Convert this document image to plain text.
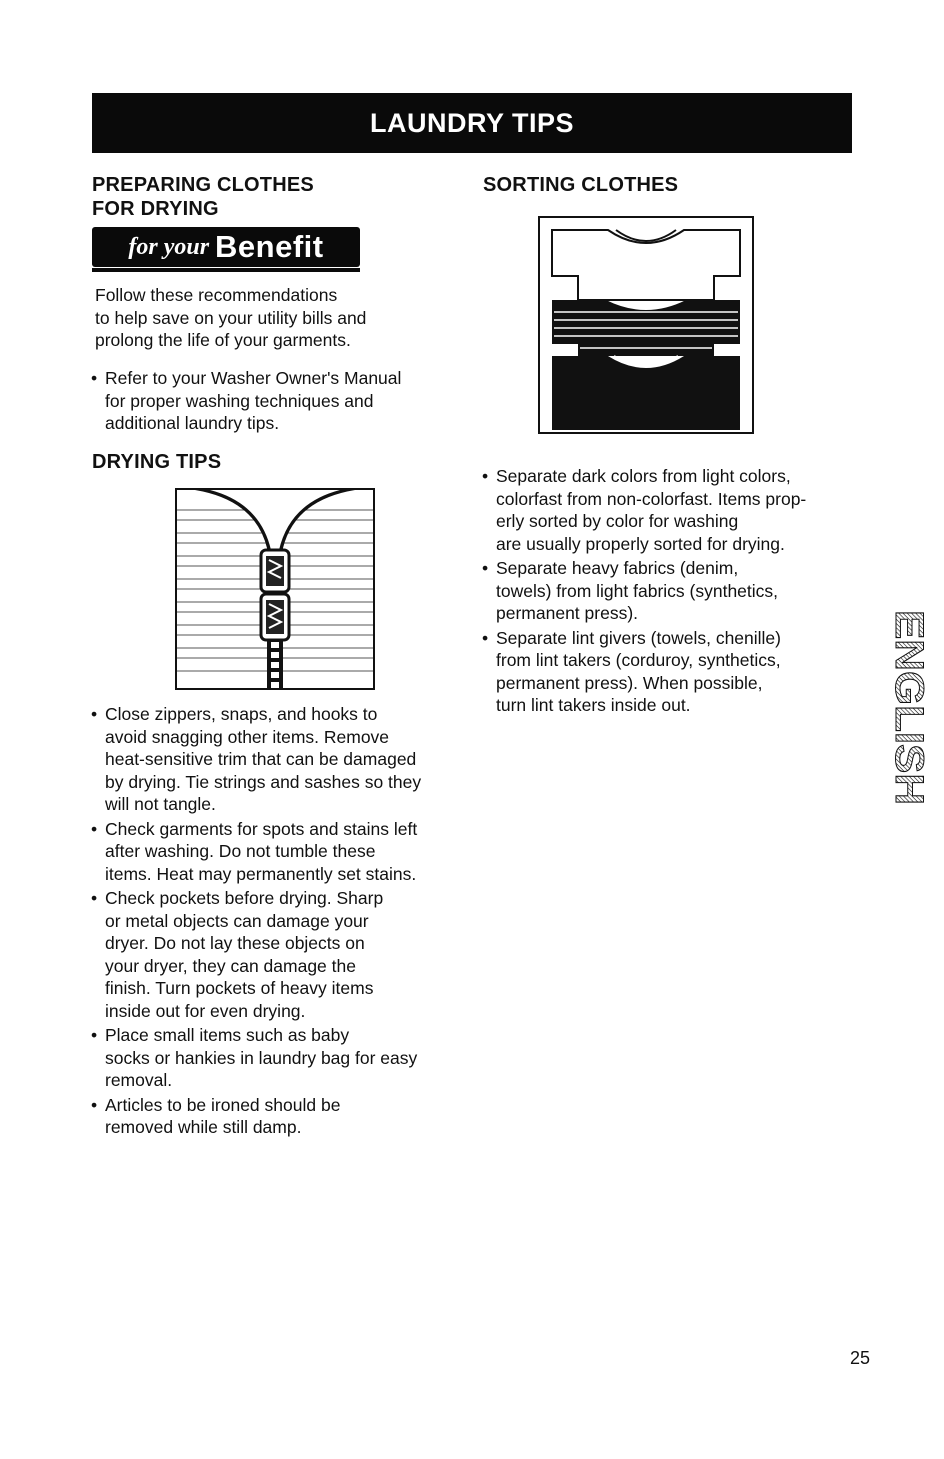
LAUNDRY TIPS
PREPARING CLOTHES
FOR DRYING
for your Benefit
Follow these recommendations
to help save on your utility bills and
prolong the life of your garments.
• Refer to your Washer Owner's Manual
for proper washing techniques and
additional laundry tips.
DRYING TIPS
• Close zippers, snaps, and hooks to
avoid snagging other items. Remove
heat-sensitive trim that can be damaged
by drying. Tie strings and sashes so they
will not tangle.
• Check garments for spots and stains left
after washing. Do not tumble these
items. Heat may permanently set stains.
• Check pockets before drying. Sharp
or metal objects can damage your
dryer. Do not lay these objects on
your dryer, they can damage the
finish. Turn pockets of heavy items
inside out for even drying.
• Place small items such as baby
socks or hankies in laundry bag for easy
removal.
• Articles to be ironed should be
removed while still damp.
SORTING CLOTHES
• Separate dark colors from light colors,
colorfast from non-colorfast. Items prop-
erly sorted by color for washing
are usually properly sorted for drying.
• Separate heavy fabrics (denim,
towels) from light fabrics (synthetics,
permanent press).
• Separate lint givers (towels, chenille)
from lint takers (corduroy, synthetics,
permanent press). When possible,
turn lint takers inside out.	ENGLISH
25
